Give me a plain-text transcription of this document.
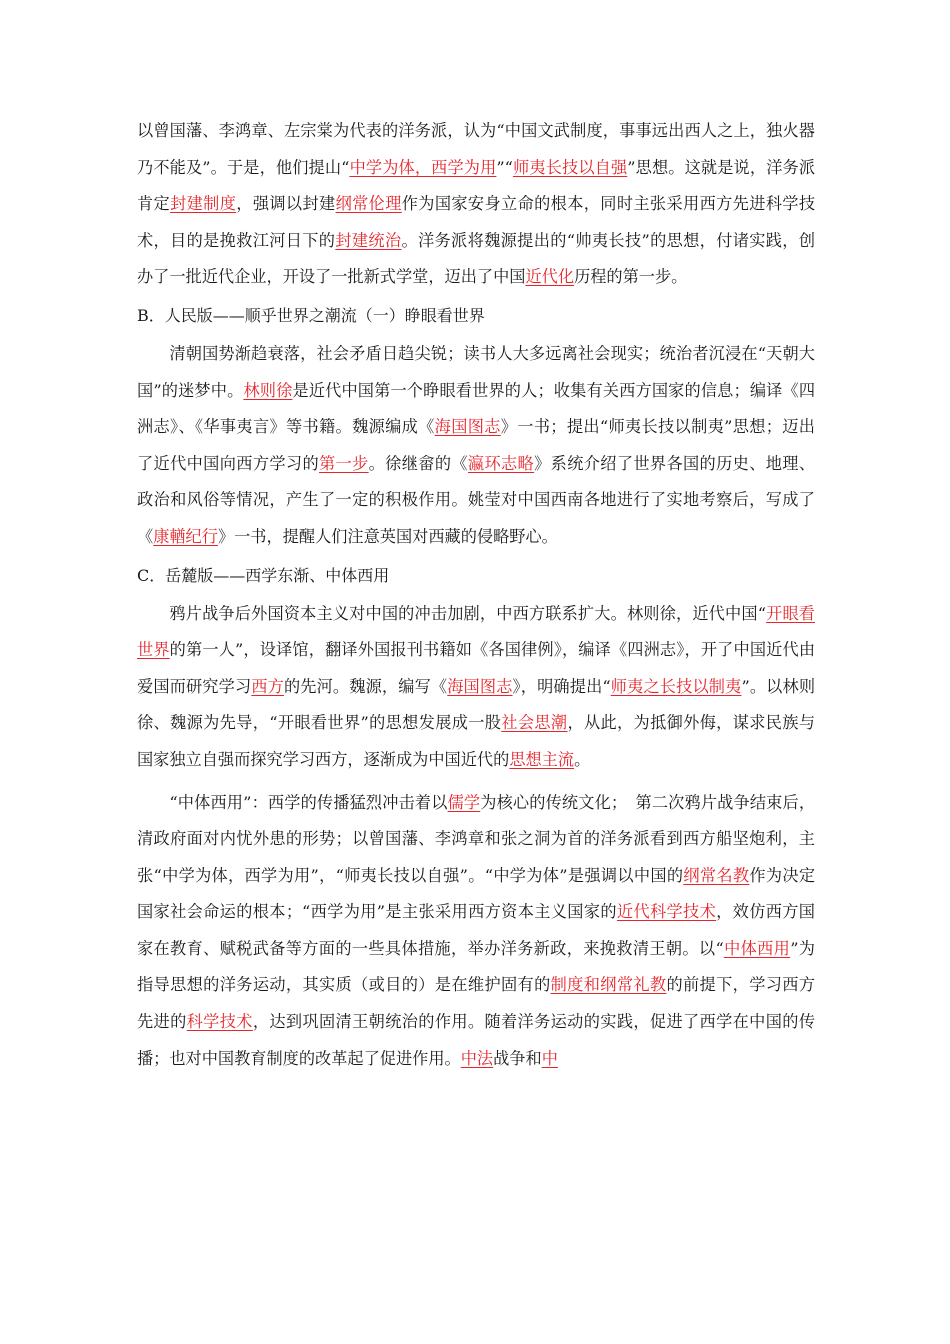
以曾国藩、李鸿章、左宗棠为代表的洋务派，认为“中国文武制度，事事远出西人之上，独火器乃不能及”。于是，他们提山“中学为体，西学为用”“师夷长技以自强”思想。这就是说，洋务派肯定封建制度，强调以封建纲常伦理作为国家安身立命的根本，同时主张采用西方先进科学技术，目的是挽救江河日下的封建统治。洋务派将魏源提出的“帅夷长技”的思想，付诸实践，创办了一批近代企业，开设了一批新式学堂，迈出了中国近代化历程的第一步。

B．人民版——顺乎世界之潮流（一）睁眼看世界

清朝国势渐趋衰落，社会矛盾日趋尖锐；读书人大多远离社会现实；统治者沉浸在“天朝大国”的迷梦中。林则徐是近代中国第一个睁眼看世界的人；收集有关西方国家的信息；编译《四洲志》、《华事夷言》等书籍。魏源编成《海国图志》一书；提出“师夷长技以制夷”思想；迈出了近代中国向西方学习的第一步。徐继畲的《瀛环志略》系统介绍了世界各国的历史、地理、政治和风俗等情况，产生了一定的积极作用。姚莹对中国西南各地进行了实地考察后，写成了《康輶纪行》一书，提醒人们注意英国对西藏的侵略野心。

C．岳麓版——西学东渐、中体西用

鸦片战争后外国资本主义对中国的冲击加剧，中西方联系扩大。林则徐，近代中国“开眼看世界的第一人”，设译馆，翻译外国报刊书籍如《各国律例》，编译《四洲志》，开了中国近代由爱国而研究学习西方的先河。魏源，编写《海国图志》，明确提出“师夷之长技以制夷”。以林则徐、魏源为先导，“开眼看世界”的思想发展成一股社会思潮，从此，为抵御外侮，谋求民族与国家独立自强而探究学习西方，逐渐成为中国近代的思想主流。

“中体西用”：西学的传播猛烈冲击着以儒学为核心的传统文化；　第二次鸦片战争结束后，清政府面对内忧外患的形势；以曾国藩、李鸿章和张之洞为首的洋务派看到西方船坚炮利，主张“中学为体，西学为用”，“师夷长技以自强”。“中学为体”是强调以中国的纲常名教作为决定国家社会命运的根本；“西学为用”是主张采用西方资本主义国家的近代科学技术，效仿西方国家在教育、赋税武备等方面的一些具体措施，举办洋务新政，来挽救清王朝。以“中体西用”为指导思想的洋务运动，其实质（或目的）是在维护固有的制度和纲常礼教的前提下，学习西方先进的科学技术，达到巩固清王朝统治的作用。随着洋务运动的实践，促进了西学在中国的传播；也对中国教育制度的改革起了促进作用。中法战争和中
